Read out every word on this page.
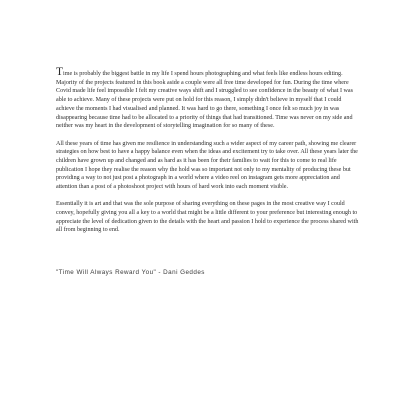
Time is probably the biggest battle in my life I spend hours photographing and what feels like endless hours editing. Majority of the projects featured in this book aside a couple were all free time developed for fun. During the time where Covid made life feel impossible I felt my creative ways shift and I struggled to see confidence in the beauty of what I was able to achieve. Many of these projects were put on hold for this reason, I simply didn't believe in myself that I could achieve the moments I had visualised and planned. It was hard to go there, something I once felt so much joy in was disappearing because time had to be allocated to a priority of things that had transitioned. Time was never on my side and neither was my heart in the development of storytelling imagination for so many of these.

All these years of time has given me resilience in understanding such a wider aspect of my career path, showing me clearer strategies on how best to have a happy balance even when the ideas and excitement try to take over. All these years later the children have grown up and changed and as hard as it has been for their families to wait for this to come to real life publication I hope they realise the reason why the hold was so important not only to my mentality of producing these but providing a way to not just post a photograph in a world where a video reel on instagram gets more appreciation and attention than a post of a photoshoot project with hours of hard work into each moment visible.

Essentially it is art and that was the sole purpose of sharing everything on these pages in the most creative way I could convey, hopefully giving you all a key to a world that might be a little different to your preference but interesting enough to appreciate the level of dedication given to the details with the heart and passion I hold to experience the process shared with all from beginning to end.

"Time Will Always Reward You" - Dani Geddes
